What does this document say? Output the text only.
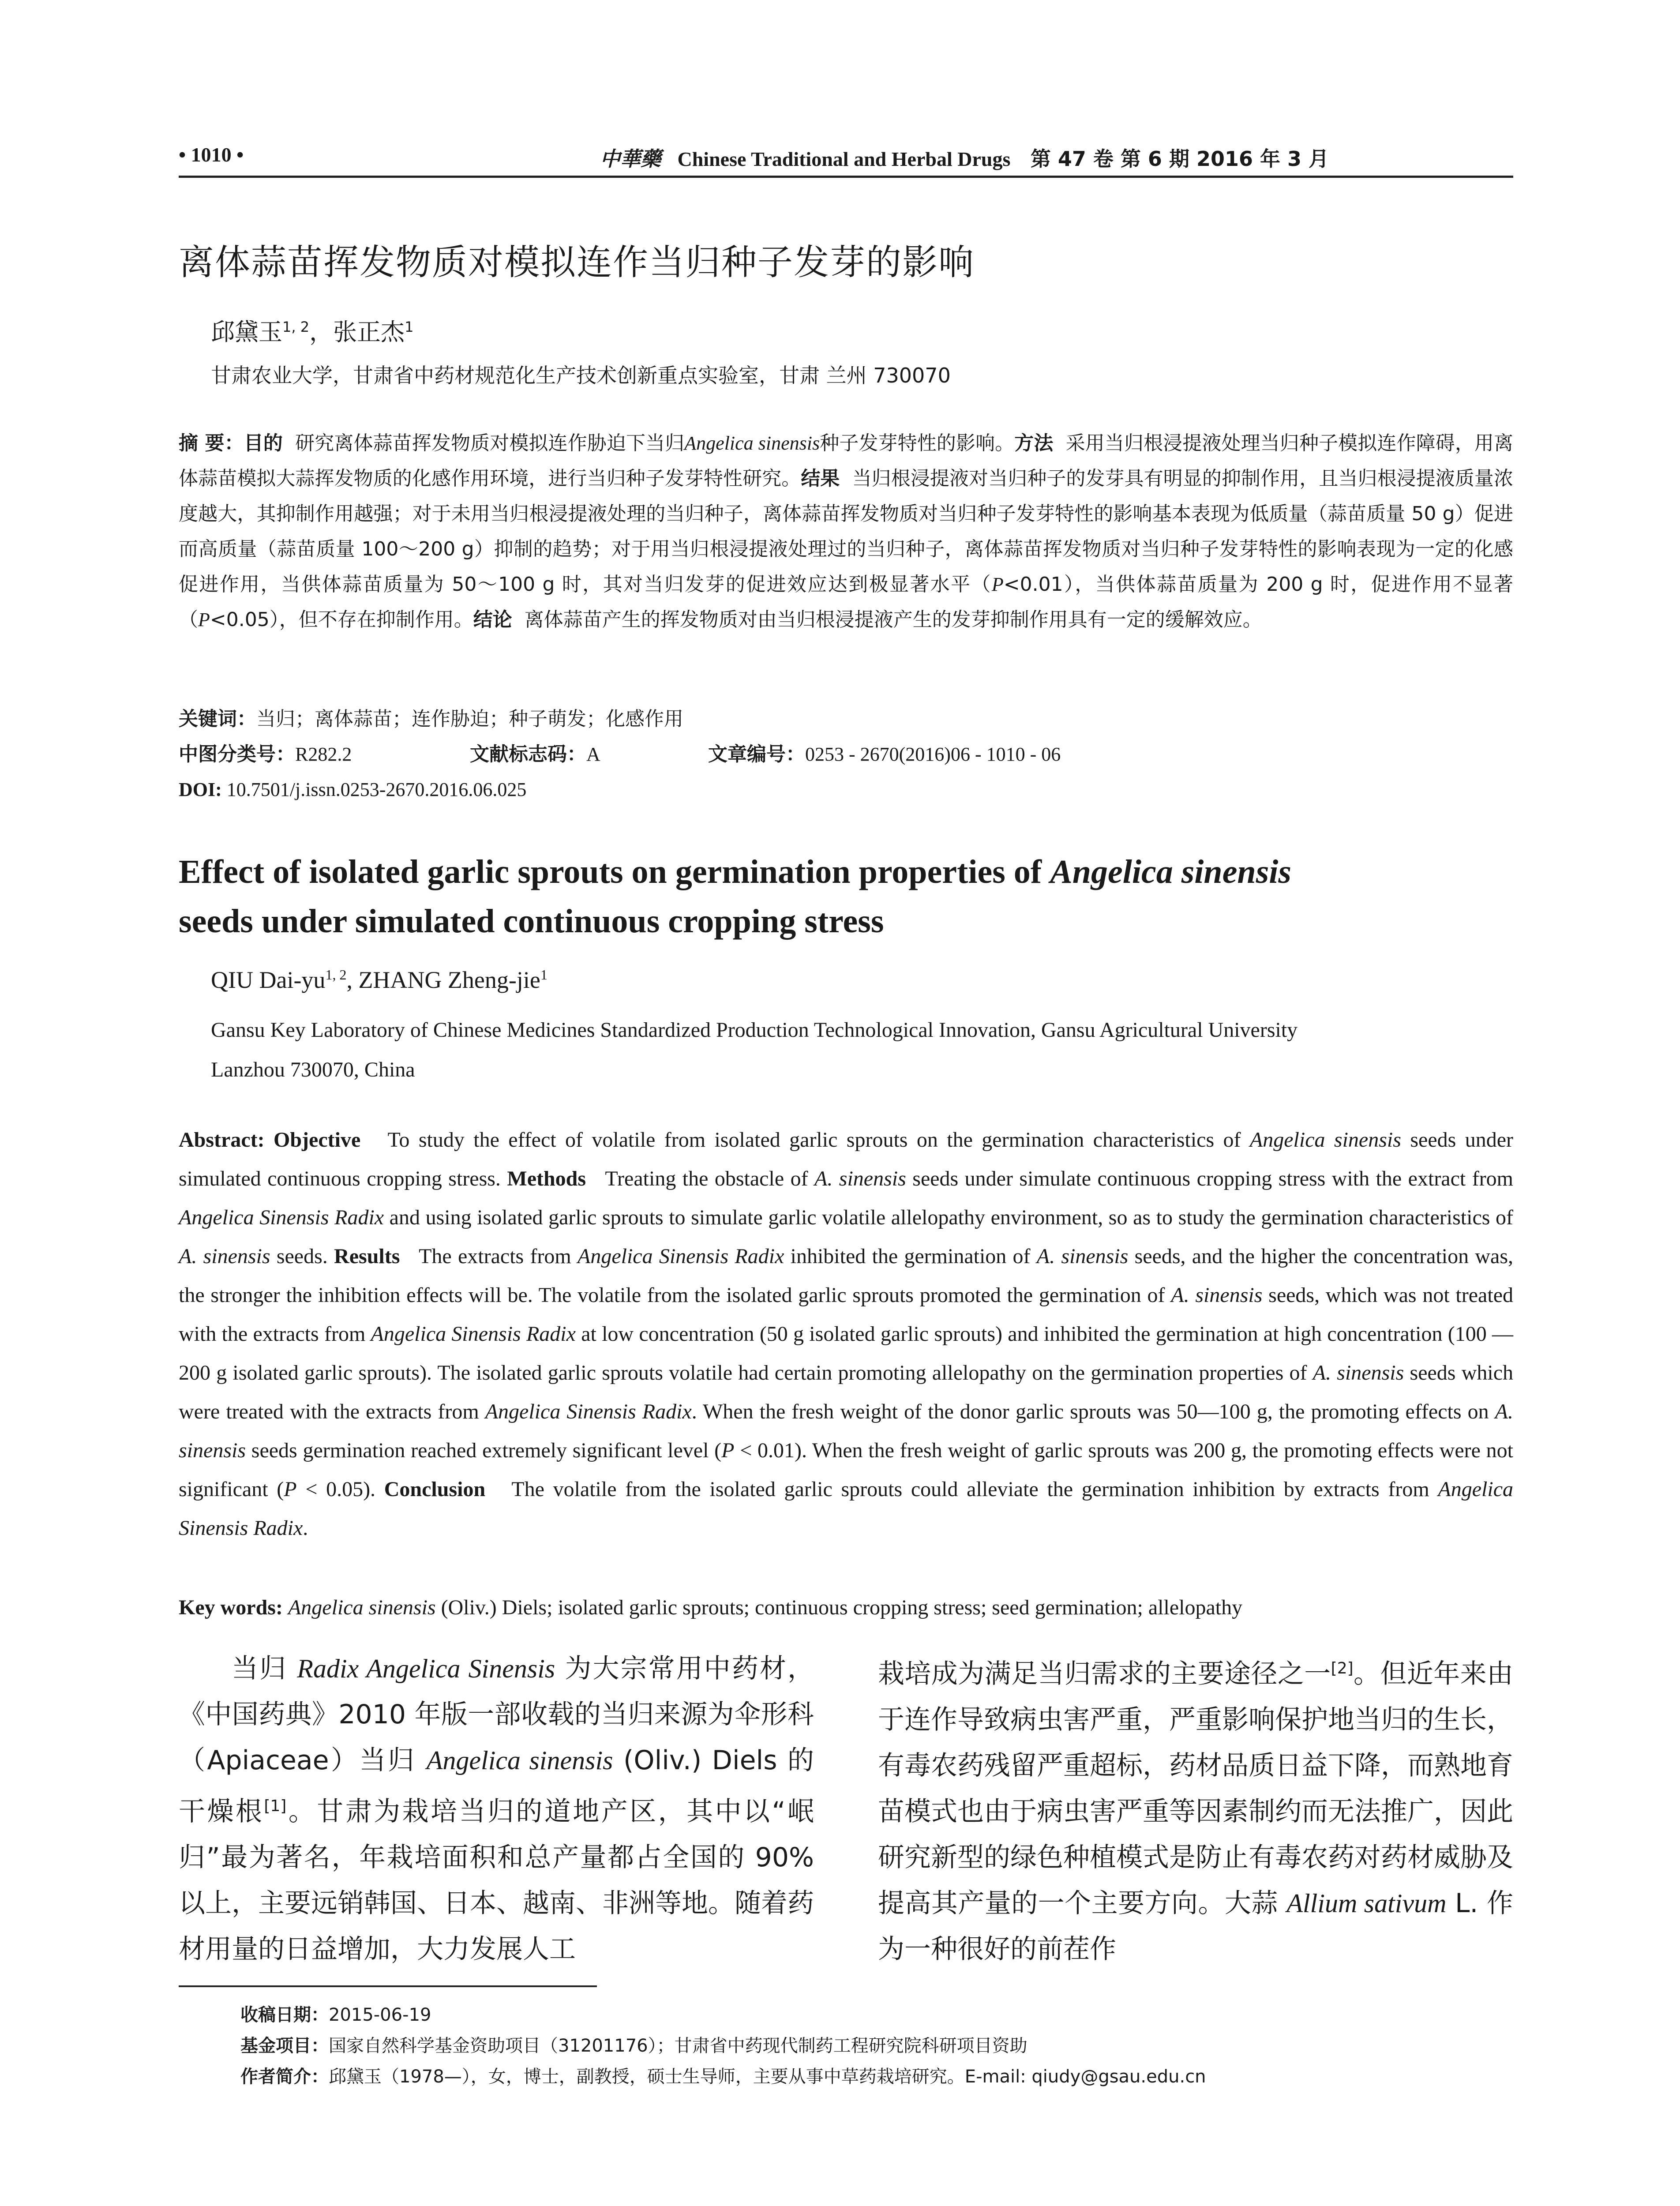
• 1010 •	中華藥 Chinese Traditional and Herbal Drugs 第 47 卷 第 6 期 2016 年 3 月
离体蒜苗挥发物质对模拟连作当归种子发芽的影响
邱黛玉$^{1, 2}$，张正杰$^1$
甘肃农业大学，甘肃省中药材规范化生产技术创新重点实验室，甘肃 兰州 730070
摘 要：目的 研究离体蒜苗挥发物质对模拟连作胁迫下当归Angelica sinensis种子发芽特性的影响。方法 采用当归根浸提液处理当归种子模拟连作障碍，用离体蒜苗模拟大蒜挥发物质的化感作用环境，进行当归种子发芽特性研究。结果 当归根浸提液对当归种子的发芽具有明显的抑制作用，且当归根浸提液质量浓度越大，其抑制作用越强；对于未用当归根浸提液处理的当归种子，离体蒜苗挥发物质对当归种子发芽特性的影响基本表现为低质量（蒜苗质量 50 g）促进而高质量（蒜苗质量 100～200 g）抑制的趋势；对于用当归根浸提液处理过的当归种子，离体蒜苗挥发物质对当归种子发芽特性的影响表现为一定的化感促进作用，当供体蒜苗质量为 50～100 g 时，其对当归发芽的促进效应达到极显著水平（P<0.01），当供体蒜苗质量为 200 g 时，促进作用不显著（P<0.05），但不存在抑制作用。结论 离体蒜苗产生的挥发物质对由当归根浸提液产生的发芽抑制作用具有一定的缓解效应。
关键词：当归；离体蒜苗；连作胁迫；种子萌发；化感作用
中图分类号：R282.2	文献标志码：A	文章编号：0253 - 2670(2016)06 - 1010 - 06
DOI: 10.7501/j.issn.0253-2670.2016.06.025
Effect of isolated garlic sprouts on germination properties of Angelica sinensis
seeds under simulated continuous cropping stress
QIU Dai-yu$^{1, 2}$, ZHANG Zheng-jie$^1$
Gansu Key Laboratory of Chinese Medicines Standardized Production Technological Innovation, Gansu Agricultural University
Lanzhou 730070, China
Abstract: Objective To study the effect of volatile from isolated garlic sprouts on the germination characteristics of Angelica sinensis seeds under simulated continuous cropping stress. Methods Treating the obstacle of A. sinensis seeds under simulate continuous cropping stress with the extract from Angelica Sinensis Radix and using isolated garlic sprouts to simulate garlic volatile allelopathy environment, so as to study the germination characteristics of A. sinensis seeds. Results The extracts from Angelica Sinensis Radix inhibited the germination of A. sinensis seeds, and the higher the concentration was, the stronger the inhibition effects will be. The volatile from the isolated garlic sprouts promoted the germination of A. sinensis seeds, which was not treated with the extracts from Angelica Sinensis Radix at low concentration (50 g isolated garlic sprouts) and inhibited the germination at high concentration (100 — 200 g isolated garlic sprouts). The isolated garlic sprouts volatile had certain promoting allelopathy on the germination properties of A. sinensis seeds which were treated with the extracts from Angelica Sinensis Radix. When the fresh weight of the donor garlic sprouts was 50—100 g, the promoting effects on A. sinensis seeds germination reached extremely significant level (P < 0.01). When the fresh weight of garlic sprouts was 200 g, the promoting effects were not significant (P < 0.05). Conclusion The volatile from the isolated garlic sprouts could alleviate the germination inhibition by extracts from Angelica Sinensis Radix.
Key words: Angelica sinensis (Oliv.) Diels; isolated garlic sprouts; continuous cropping stress; seed germination; allelopathy
当归 Radix Angelica Sinensis 为大宗常用中药材，《中国药典》2010 年版一部收载的当归来源为伞形科（Apiaceae）当归 Angelica sinensis (Oliv.) Diels 的干燥根[1]。甘肃为栽培当归的道地产区，其中以“岷归”最为著名，年栽培面积和总产量都占全国的 90%以上，主要远销韩国、日本、越南、非洲等地。随着药材用量的日益增加，大力发展人工
栽培成为满足当归需求的主要途径之一[2]。但近年来由于连作导致病虫害严重，严重影响保护地当归的生长，有毒农药残留严重超标，药材品质日益下降，而熟地育苗模式也由于病虫害严重等因素制约而无法推广，因此研究新型的绿色种植模式是防止有毒农药对药材威胁及提高其产量的一个主要方向。大蒜 Allium sativum L. 作为一种很好的前茬作
收稿日期：2015-06-19
基金项目：国家自然科学基金资助项目（31201176）；甘肃省中药现代制药工程研究院科研项目资助
作者简介：邱黛玉（1978—），女，博士，副教授，硕士生导师，主要从事中草药栽培研究。E-mail: qiudy@gsau.edu.cn
